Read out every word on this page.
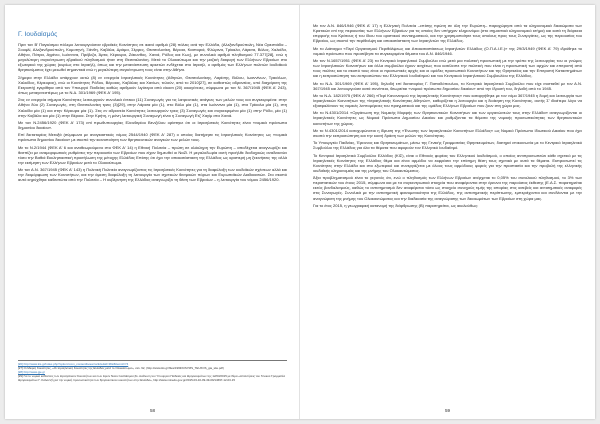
Γ. Ιουδαϊσμός

Πριν τον Β' Παγκόσμιο πόλεμο λειτουργούσαν εβραϊκές Κοινότητες σε ικανό αριθμό (28) πόλεις ανά την Ελλάδα, (Αλεξανδρούπολη, Νέα Ορεστιάδα – Σουφλί, Αλεξανδρούπολη, Κομοτηνή, Ξάνθη, Καβάλα, Δράμα, Σέρρες, Θεσσαλονίκη, Βέροια, Καστοριά, Φλώρινα, Τρίκαλα, Λάρισα, Βόλος, Χαλκίδα, Αθήνα, Πάτρα, Αγρίνιο, Ιωάννινα, Πρέβεζα, Άρτα, Κέρκυρα, Ζάκυνθος, Χανιά, Ρόδος και Κως), με συνολικό αριθμό πληθυσμού 77.377[28], ενώ η μεγαλύτερη συγκέντρωση εβραϊκού πληθυσμού ήταν στη Θεσσαλονίκη. Μετά το Ολοκαύτωμα και την μαζική διαφυγή των Ελλήνων Εβραίων στο εξωτερικό της χώρας (κυρίως στο Ισραήλ), όπως και την μετανάστευση αρκετών ενδέχεται στο Ισραήλ, ο αριθμός των Ελλήνων πολιτών Ιουδαϊκού θρησκεύματος έχει μειωθεί σημαντικά ενώ η μεγαλύτερη συγκέντρωση τους είναι στην Αθήνα.

Σήμερα στην Ελλάδα υπάρχουν οκτώ (8) εν ενεργεία Ισραηλιτικές Κοινότητες (Αθηνών, Θεσσαλονίκης, Λαρίσης, Βόλου, Ιωαννίνων, Τρικάλων, Χαλκίδος, Κέρκυρας), ενώ οι Κοινότητες Ρόδου, Βέροιας, Καβάλας και Χανίων, τελούν, από το 2010[27], σε καθεστώς αδρανείας, υπό διαχείριση της Εκτροπή) εγκρίθηκε από τον Υπουργό Παιδείας καθώς αριθμούν λιγότερα από είκοσι (20) οικογένειες, σύμφωνα με τον Ν. 367/1945 (ΦΕΚ Α' 243), όπως μεταγενεστέρως με το Ν.Δ. 301/1969 (ΦΕΚ Α' 195).

Στις εν ενεργεία σήμερα Κοινότητες λειτουργούν συνολικά έντεκα (11) Συναγωγές για τις λατρευτικές ανάγκες των μελών τους και συγκεκριμένα: στην Αθήνα δύο (2) Συναγωγές, στη Θεσσαλονίκη τρεις (3)[29], στην Λάρισα μία (1), στο Βόλο μία (1), στα Ιωάννινα μία (1), στα Τρίκαλα μία (1), στη Χαλκίδα μία (1) και στην Κέρκυρα μία (1). Στις εν αδρανεία Κοινότητες λειτουργούν τρεις (3) Συναγωγές και συγκεκριμένα μία (1) στην Ρόδο, μία (1) στην Καβάλα και μία (1) στην Βέροια. Στην Κρήτη, η μόνη λειτουργική Συναγωγή είναι η Συναγωγή Ετζ Χαγίμ στα Χανιά.

Με τον Ν.2456/1920 (ΦΕΚ Α' 173) επί πρωθυπουργίας Ελευθερίου Βενιζέλου ορίστηκε ότι οι Ισραηλιτικές Κοινότητες είναι «νομικά πρόσωπα δημοσίου δικαίου».

Επί δικτατορίας Μεταξά (σύμφωνα με αναγκαστικός νόμος 2544/1940 (ΦΕΚ Α' 287) ο οποίος διατήρησε τις Ισραηλιτικές Κοινότητες ως «νομικά πρόσωπα δημοσίου δικαίου» με σκοπό την ικανοποίηση των θρησκευτικών αναγκών των μελών τους.

Με το Ν.2/1944 (ΦΕΚ Α' 6 και αναθεωρούμενο στο ΦΕΚ Α' 14) η Εθνική Πολιτεία – πρώτη σε ολόκληρη την Ευρώπη – αποδέχεται αναγνωρίζει και θεσπίζει με αναμορφωτικές ρυθμίσεις την περιουσία των Εβραίων που είχαν δημευθεί οι ΝαΖί. Η μεγαλοδωρία αυτή προήλθε διαδοχικώς αναδεικνύει τόσο την Βαθιά Εκκλησιαστική προσήλωση της μέτοχης Ελλάδας Επίσης ότι έχει την αποκατάσταση της Ελλάδας ως αριστερή μη ξεκινήσεις της αλλά την εκτίμηση των Ελλήνων Εβραίων μετά το Ολοκαύτωμα.

Με τον Α.Ν. 367/1945 (ΦΕΚ Α' 143) η Πολιτική Πολιτεία αναγνωρίζοντας τις Ισραηλιτικές Κοινότητες για τη διαφύλαξη των ιουδαϊκών σχέσεων αλλά και την διαμόρφωση των Κοινοτήτων, και την άμεση διαφύλαξη τη λειτουργία των σχετικών θεσμικών πόρων και Ευρωπαϊκών Διαδικασιών. Στο σκοπό αυτό κηρύχθηκε καθεστώτα από την Πολιτεία – Η κυβέρνηση της Ελλάδας αναγνωρίζει τη θέση των Εβραίων – η λειτουργία του νόμου 2456/1920.

[26] http://www.kis.gr/index.php?option=com_content&view=article&id=362&Itemid=74
[27] Οι Μικρές Κοινότητες, «Οι Ισραηλιτικές Κοινότητες της Ελλάδας μετά το Ολοκαύτωμα», σελ. 92, (http://www.kis.gr/files/1993/KISYMS_TEUXOS_gia_site.pdf)
[28] http://www.gje.gr
[29] Για το νομικό καθεστώς των Ισραηλιτικών Κοινοτήτων και των Ιερών Ναών Ιουδαϊσμού βλ. Ανάλυση του Υπουργού Παιδείας και Θρησκευμάτων της 12/03/2015 με θέμα «Απαντήσεις του Γενικού Γραμματέα Θρησκευμάτων Γ. Καλαντζή για την νομική προσωπικότητα των θρησκευτικών κοινοτήτων στην Ελλάδα», http://www.minedu.gov.gr/2015-03-16-09-49-09/14697-12-03-15
58

Με τον Α.Ν. 846/1946 (ΦΕΚ Α' 17) η Ελληνική Πολιτεία –επίσης πρώτη σε όλη την Ευρώπη– παραχώρησε από τα κληρονομικά δικαιώματα των Κρατικών επί της περιουσίας των Ελλήνων Εβραίων για τις οποίες δεν υπήρχαν κληρονόμοι (στο σημαντικά κληρονομικό κτήμα) και κατά τη διάρκεια επιρροής του Κράτους ή του ίδιου του οριστικού συνταγματικού, και την χρησιμοποίησε τους οποίους προς τους Συνεργάτες, ως της περιουσίας του Εβραίου, ως σκοπό την περίθαλψη και αποκατάσταση των Ισραηλιτών της Ελλάδος.

Με το Διάταγμα «Περί Οργανισμού Περιθάλψεως και Αποκαταστάσεως Ισραηλιτών Ελλάδος (Ο.Π.Α.Ι.Ε.)» της 29/3/1949 (ΦΕΚ Α' 79) ιδρύθηκε το νομικό πρόσωπο που προσέβησε τα συγκεκριμένα θέματα του Α.Ν. 846/1946.

Με τον Ν.1657/1951 (ΦΕΚ Α' 23) τα Κεντρικό Ισραηλιτικό Συμβούλιο ενώ μετά μια πολιτική προσωπική με την τρόπο της λειτουργίας του οι γνώμες των Ισραηλιτικών Κοινοτήτων και άλλα συμβούλια έχουν ασχέτως που κατέλειπε την πολιτική που είναι η προσωπική των αρχών και επιτροπή από τους πολίτες και το σκοπό τους είναι οι προσωπικές αρχές και οι ομάδες προσωπικά Κοινοτήτων και της Θρησκείας και την Επιτροπή Καταστημάτων και η εκπροσώπηση του εκπροσώπου του Ελληνικού Ιουδαϊσμού και του Κεντρικού Ισραηλιτικού Συμβουλίου της Ελλάδος.

Με το Ν.Δ. 301/1969 (ΦΕΚ Α' 195), δηλαδή επί δικτατορίας Γ. Παπαδόπουλου, το Κεντρικό Ισραηλιτικό Συμβούλιο που είχε συσταθεί με τον Α.Ν. 367/1945 και λειτουργούσε κατά συνέπεια, θεωρείται «νομικό πρόσωπο δημοσίου δικαίου» από την ίδρυσή του, δηλαδή από το 1945.

Με το Ν.Δ. 182/1975 (ΦΕΚ Α' 266) «Περί Κανονισμού της Ισραηλιτικής Κοινότητας» που καταργήθηκε με τον νόμο 367/1945 η δομή και λειτουργία των Ισραηλιτικών Κοινοτήτων της «Ισραηλιτικής Κοινότητας Αθηνών», καθορίζεται η λειτουργία και η διοίκηση της Κοινότητας, αυτής Σ' ιδιαίτερο λόγο να εξασφαλίσουν τις νομικές λεπτομέρειες του πραγματικού και της ομάδας Ελλήνων Εβραίων που ζουν στη χώρα μας.

Με το Ν.4301/2014 «Οργάνωση της Νομικής Μορφής των Θρησκευτικών Κοινοτήτων και των οργανώσεών τους στην Ελλάδα» αναγνωρίζονται οι Ισραηλιτικές Κοινότητες ως Νομικά Πρόσωπα Δημοσίου Δικαίου και ρυθμίζονται τα θέματα της νομικής προσωπικότητας των θρησκευτικών κοινοτήτων της χώρας.

Με το Ν.4301/2014 κατοχυρώνεται η ίδρυση της «Ένωσης των Ισραηλιτικών Κοινοτήτων Ελλάδος» ως Νομικό Πρόσωπο Ιδιωτικού Δικαίου που έχει σκοπό την εκπροσώπηση και την κοινή δράση των μελών της Κοινότητας.

Το Υπουργείο Παιδείας, Έρευνας και Θρησκευμάτων, μέσω της Γενικής Γραμματείας Θρησκευμάτων, διατηρεί επικοινωνία με το Κεντρικό Ισραηλιτικό Συμβούλιο της Ελλάδας για όλα τα θέματα που αφορούν τον Ελληνικό Ιουδαϊσμό.

Το Κεντρικό Ισραηλιτικό Συμβούλιο Ελλάδος (ΚΙΣ), είναι ο Εθνικός φορέας του Ελληνικού Ιουδαϊσμού, ο οποίος αντιπροσωπεύει κάθε σχετικό με τις Ισραηλιτικές Κοινότητες της Ελλάδας θέμα και είναι αρμόδιο να εκφράσει την επίσημη θέση τους σχετικά με αυτά τα θέματα. Εκπροσωπεί τις Κοινότητες στην Ελλάδα και στο εξωτερικό και συνεργάζεται με όλους τους αρμόδιους φορείς για την προστασία και την προβολή της ελληνικής ιουδαϊκής κληρονομιάς και της μνήμης του Ολοκαυτώματος.

Άξια προβληματισμού είναι το γεγονός ότι, ενώ ο πληθυσμός των Ελλήνων Εβραίων ανέρχεται το 0,05% του συνολικού πληθυσμού, το 3% των περιστατικών του έτους 2015, σύμφωνα και με τα συγκεντρωτικά στοιχεία που αναφέρονται στην έρευνα της παρούσας έκθεσης (Ε.Α.Σ. παρατηρείται εκτός βανδαλισμούς, καθώς το αντισημιτισμό δεν αναφέρεται τόσο ως στοιχείο συνεχούς τιμής της ιστορίας στις ασεβείς και αντισημιτικές αναφορές στις Συναγωγές. Συνολικά με την αντισημιτική φαινομενικότητα της Ελλάδος, της αντισημιτικής περίπτωσης, εμπεριέχονται και συνδέονται με την αναγνώριση της μνήμης του Ολοκαυτώματος και την διαδικασία της αναγνώρισης των δικαιωμάτων των Εβραίων στη χώρα μας.

Για το έτος 2015, η γεωγραφική κατανομή της διάρθρωσης (Β) παρατηρείται, ως ακολούθως:

59
